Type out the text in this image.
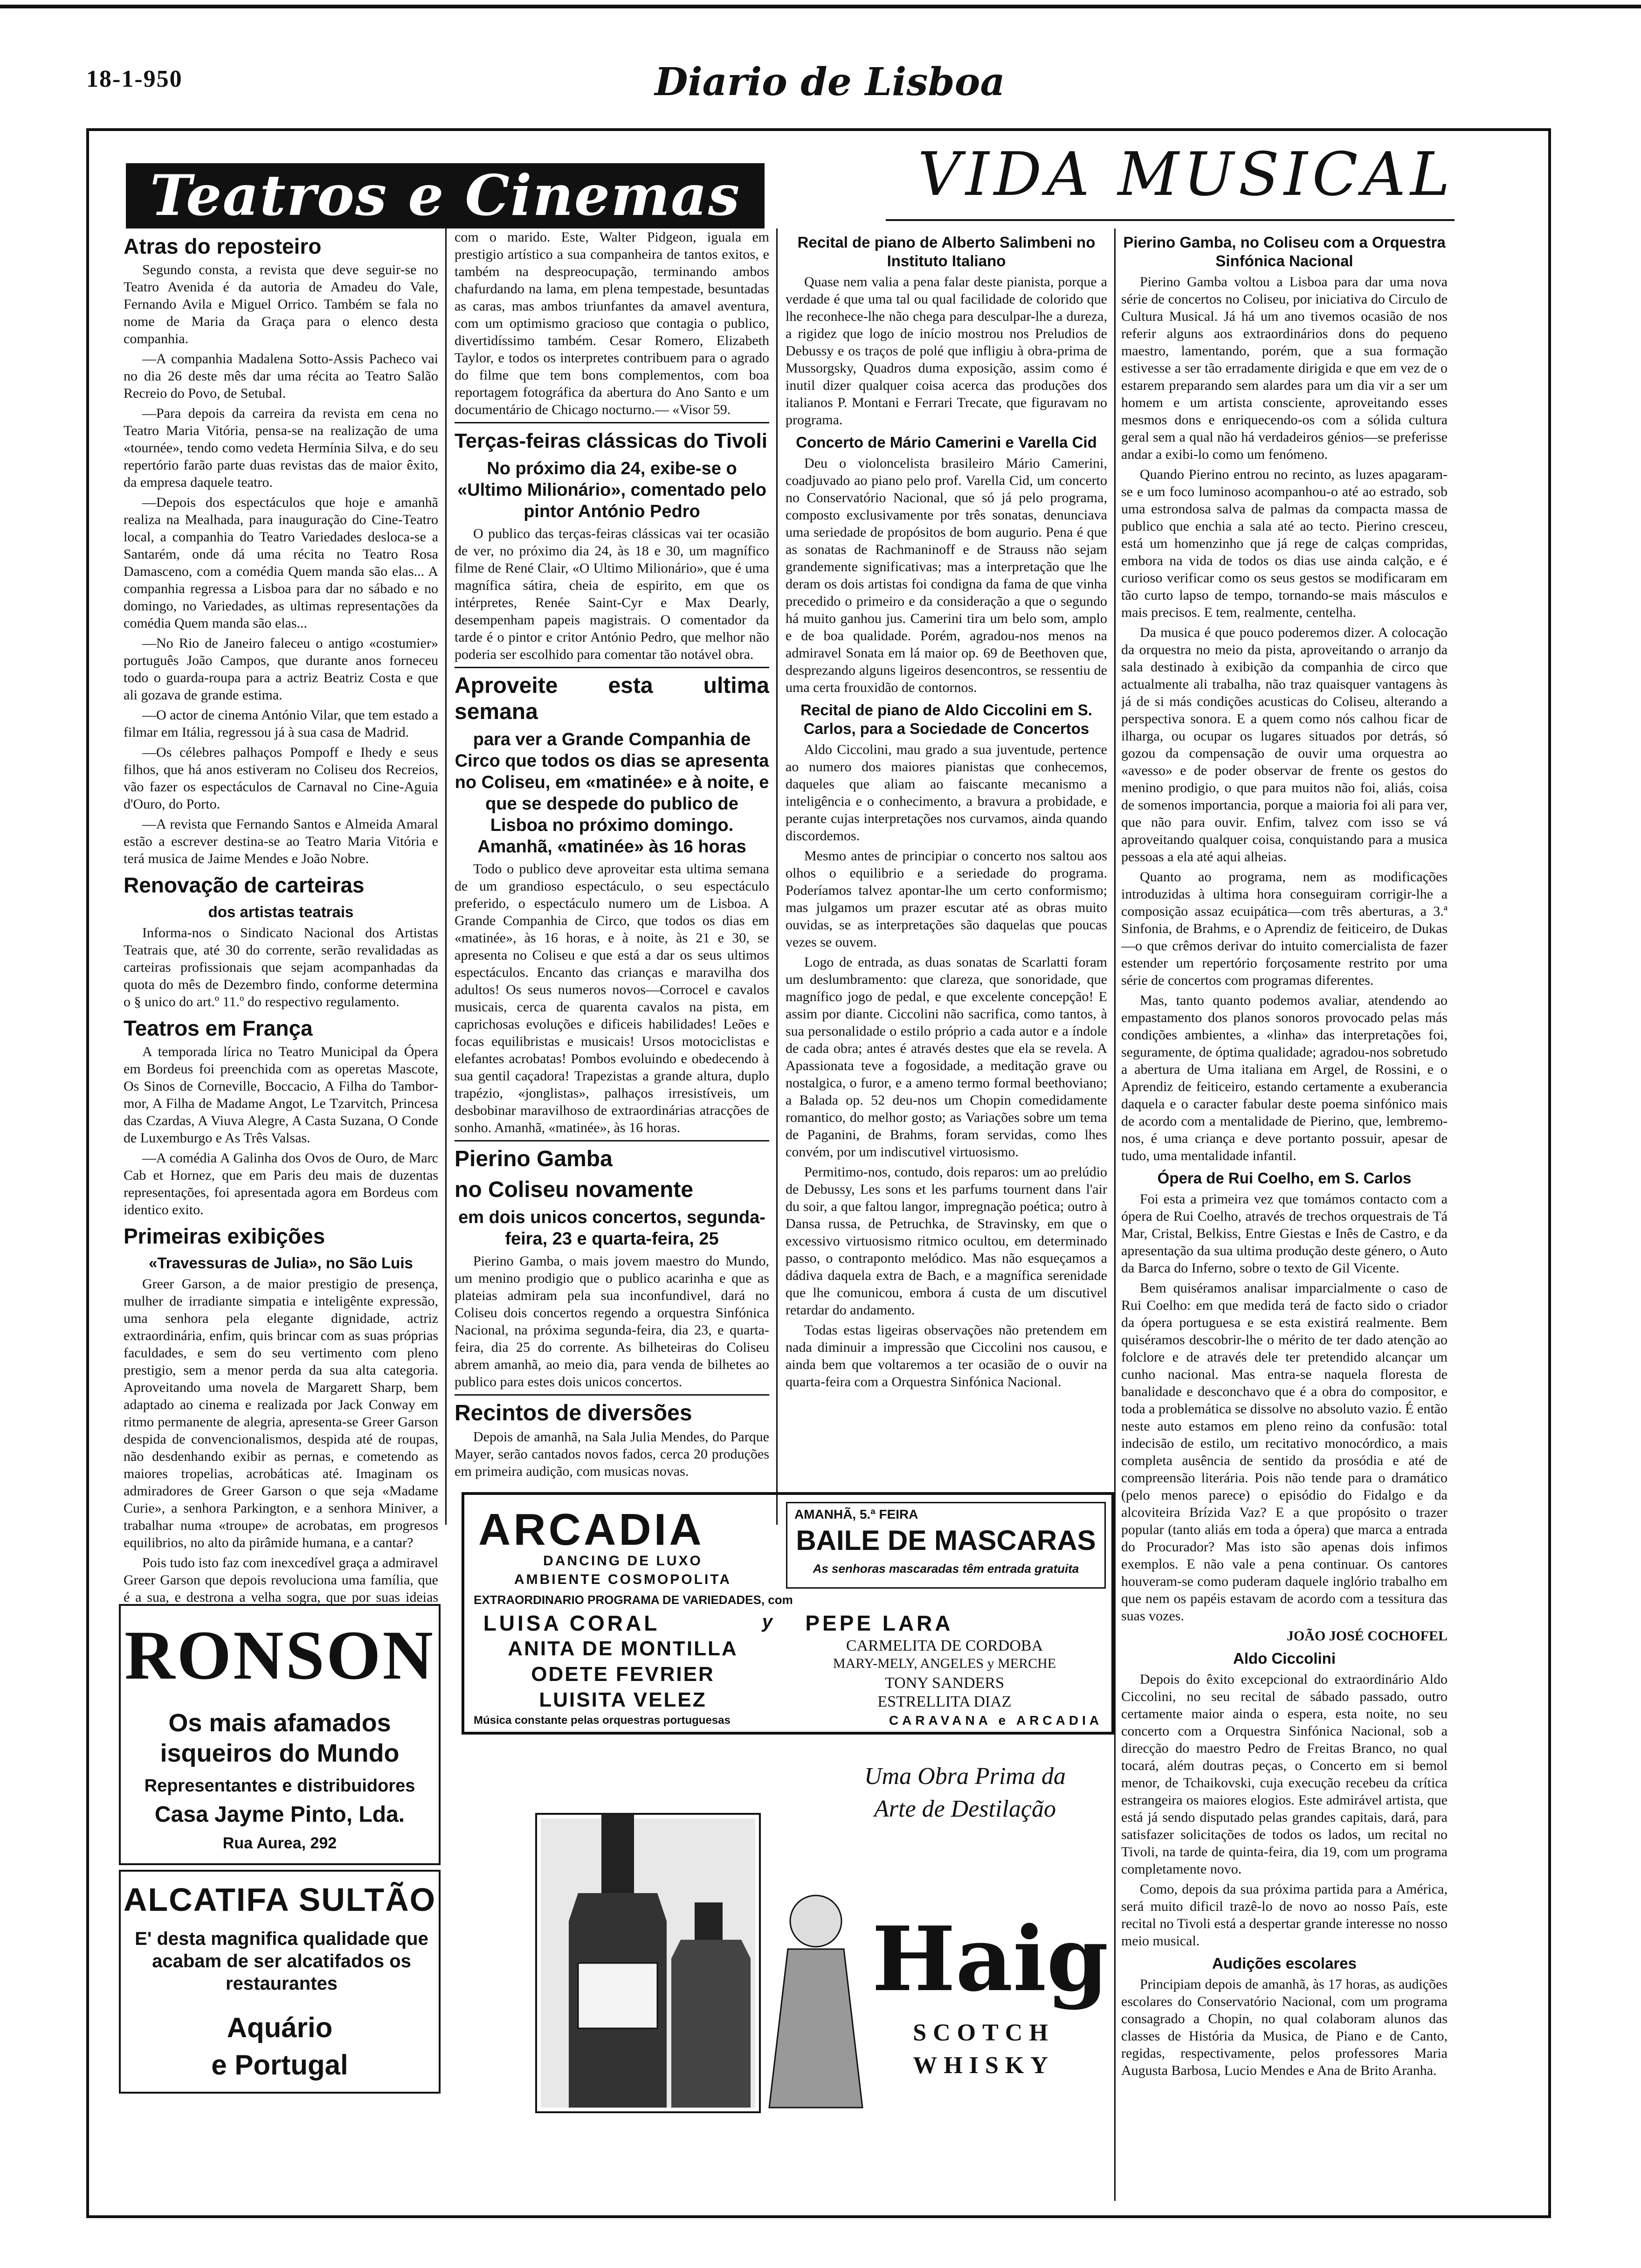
18-1-950	Diario de Lisboa
Teatros e Cinemas	VIDA MUSICAL
Atras do reposteiro

Segundo consta, a revista que deve seguir-se no Teatro Avenida é da autoria de Amadeu do Vale, Fernando Avila e Miguel Orrico. Também se fala no nome de Maria da Graça para o elenco desta companhia.

—A companhia Madalena Sotto-Assis Pacheco vai no dia 26 deste mês dar uma récita ao Teatro Salão Recreio do Povo, de Setubal.

—Para depois da carreira da revista em cena no Teatro Maria Vitória, pensa-se na realização de uma «tournée», tendo como vedeta Hermínia Silva, e do seu repertório farão parte duas revistas das de maior êxito, da empresa daquele teatro.

—Depois dos espectáculos que hoje e amanhã realiza na Mealhada, para inauguração do Cine-Teatro local, a companhia do Teatro Variedades desloca-se a Santarém, onde dá uma récita no Teatro Rosa Damasceno, com a comédia Quem manda são elas... A companhia regressa a Lisboa para dar no sábado e no domingo, no Variedades, as ultimas representações da comédia Quem manda são elas...

—No Rio de Janeiro faleceu o antigo «costumier» português João Campos, que durante anos forneceu todo o guarda-roupa para a actriz Beatriz Costa e que ali gozava de grande estima.

—O actor de cinema António Vilar, que tem estado a filmar em Itália, regressou já à sua casa de Madrid.

—Os célebres palhaços Pompoff e Ihedy e seus filhos, que há anos estiveram no Coliseu dos Recreios, vão fazer os espectáculos de Carnaval no Cine-Aguia d'Ouro, do Porto.

—A revista que Fernando Santos e Almeida Amaral estão a escrever destina-se ao Teatro Maria Vitória e terá musica de Jaime Mendes e João Nobre.

Renovação de carteiras
dos artistas teatrais

Informa-nos o Sindicato Nacional dos Artistas Teatrais que, até 30 do corrente, serão revalidadas as carteiras profissionais que sejam acompanhadas da quota do mês de Dezembro findo, conforme determina o § unico do art.º 11.º do respectivo regulamento.

Teatros em França

A temporada lírica no Teatro Municipal da Ópera em Bordeus foi preenchida com as operetas Mascote, Os Sinos de Corneville, Boccacio, A Filha do Tambor-mor, A Filha de Madame Angot, Le Tzarvitch, Princesa das Czardas, A Viuva Alegre, A Casta Suzana, O Conde de Luxemburgo e As Três Valsas.

—A comédia A Galinha dos Ovos de Ouro, de Marc Cab et Hornez, que em Paris deu mais de duzentas representações, foi apresentada agora em Bordeus com identico exito.

Primeiras exibições
«Travessuras de Julia», no São Luis

Greer Garson, a de maior prestigio de presença, mulher de irradiante simpatia e inteligênte expressão, uma senhora pela elegante dignidade, actriz extraordinária, enfim, quis brincar com as suas próprias faculdades, e sem do seu vertimento com pleno prestigio, sem a menor perda da sua alta categoria. Aproveitando uma novela de Margarett Sharp, bem adaptado ao cinema e realizada por Jack Conway em ritmo permanente de alegria, apresenta-se Greer Garson despida de convencionalismos, despida até de roupas, não desdenhando exibir as pernas, e cometendo as maiores tropelias, acrobáticas até. Imaginam os admiradores de Greer Garson o que seja «Madame Curie», a senhora Parkington, e a senhora Miniver, a trabalhar numa «troupe» de acrobatas, em progresos equilibrios, no alto da pirâmide humana, e a cantar?

Pois tudo isto faz com inexcedível graça a admiravel Greer Garson que depois revoluciona uma família, que é a sua, e destrona a velha sogra, que por suas ideias

com o marido. Este, Walter Pidgeon, iguala em prestigio artístico a sua companheira de tantos exitos, e também na despreocupação, terminando ambos chafurdando na lama, em plena tempestade, besuntadas as caras, mas ambos triunfantes da amavel aventura, com um optimismo gracioso que contagia o publico, divertidíssimo também. Cesar Romero, Elizabeth Taylor, e todos os interpretes contribuem para o agrado do filme que tem bons complementos, com boa reportagem fotográfica da abertura do Ano Santo e um documentário de Chicago nocturno.— «Visor 59.

Terças-feiras clássicas do Tivoli
No próximo dia 24, exibe-se o «Ultimo Milionário», comentado pelo pintor António Pedro

O publico das terças-feiras clássicas vai ter ocasião de ver, no próximo dia 24, às 18 e 30, um magnífico filme de René Clair, «O Ultimo Milionário», que é uma magnífica sátira, cheia de espirito, em que os intérpretes, Renée Saint-Cyr e Max Dearly, desempenham papeis magistrais. O comentador da tarde é o pintor e critor António Pedro, que melhor não poderia ser escolhido para comentar tão notável obra.

Aproveite esta ultima semana
para ver a Grande Companhia de Circo que todos os dias se apresenta no Coliseu, em «matinée» e à noite, e que se despede do publico de Lisboa no próximo domingo. Amanhã, «matinée» às 16 horas

Todo o publico deve aproveitar esta ultima semana de um grandioso espectáculo, o seu espectáculo preferido, o espectáculo numero um de Lisboa. A Grande Companhia de Circo, que todos os dias em «matinée», às 16 horas, e à noite, às 21 e 30, se apresenta no Coliseu e que está a dar os seus ultimos espectáculos. Encanto das crianças e maravilha dos adultos! Os seus numeros novos—Corrocel e cavalos musicais, cerca de quarenta cavalos na pista, em caprichosas evoluções e dificeis habilidades! Leões e focas equilibristas e musicais! Ursos motociclistas e elefantes acrobatas! Pombos evoluindo e obedecendo à sua gentil caçadora! Trapezistas a grande altura, duplo trapézio, «jonglistas», palhaços irresistíveis, um desbobinar maravilhoso de extraordinárias atracções de sonho. Amanhã, «matinée», às 16 horas.

Pierino Gamba
no Coliseu novamente
em dois unicos concertos, segunda-feira, 23 e quarta-feira, 25

Pierino Gamba, o mais jovem maestro do Mundo, um menino prodigio que o publico acarinha e que as plateias admiram pela sua inconfundivel, dará no Coliseu dois concertos regendo a orquestra Sinfónica Nacional, na próxima segunda-feira, dia 23, e quarta-feira, dia 25 do corrente. As bilheteiras do Coliseu abrem amanhã, ao meio dia, para venda de bilhetes ao publico para estes dois unicos concertos.

Recintos de diversões

Depois de amanhã, na Sala Julia Mendes, do Parque Mayer, serão cantados novos fados, cerca 20 produções em primeira audição, com musicas novas.

Recital de piano de Alberto Salimbeni no Instituto Italiano

Quase nem valia a pena falar deste pianista, porque a verdade é que uma tal ou qual facilidade de colorido que lhe reconhece-lhe não chega para desculpar-lhe a dureza, a rigidez que logo de início mostrou nos Preludios de Debussy e os traços de polé que infligiu à obra-prima de Mussorgsky, Quadros duma exposição, assim como é inutil dizer qualquer coisa acerca das produções dos italianos P. Montani e Ferrari Trecate, que figuravam no programa.

Concerto de Mário Camerini e Varella Cid

Deu o violoncelista brasileiro Mário Camerini, coadjuvado ao piano pelo prof. Varella Cid, um concerto no Conservatório Nacional, que só já pelo programa, composto exclusivamente por três sonatas, denunciava uma seriedade de propósitos de bom augurio. Pena é que as sonatas de Rachmaninoff e de Strauss não sejam grandemente significativas; mas a interpretação que lhe deram os dois artistas foi condigna da fama de que vinha precedido o primeiro e da consideração a que o segundo há muito ganhou jus. Camerini tira um belo som, amplo e de boa qualidade. Porém, agradou-nos menos na admiravel Sonata em lá maior op. 69 de Beethoven que, desprezando alguns ligeiros desencontros, se ressentiu de uma certa frouxidão de contornos.

Recital de piano de Aldo Ciccolini em S. Carlos, para a Sociedade de Concertos

Aldo Ciccolini, mau grado a sua juventude, pertence ao numero dos maiores pianistas que conhecemos, daqueles que aliam ao faiscante mecanismo a inteligência e o conhecimento, a bravura a probidade, e perante cujas interpretações nos curvamos, ainda quando discordemos.

Mesmo antes de principiar o concerto nos saltou aos olhos o equilibrio e a seriedade do programa. Poderíamos talvez apontar-lhe um certo conformismo; mas julgamos um prazer escutar até as obras muito ouvidas, se as interpretações são daquelas que poucas vezes se ouvem.

Logo de entrada, as duas sonatas de Scarlatti foram um deslumbramento: que clareza, que sonoridade, que magnífico jogo de pedal, e que excelente concepção! E assim por diante. Ciccolini não sacrifica, como tantos, à sua personalidade o estilo próprio a cada autor e a índole de cada obra; antes é através destes que ela se revela. A Apassionata teve a fogosidade, a meditação grave ou nostalgica, o furor, e a ameno termo formal beethoviano; a Balada op. 52 deu-nos um Chopin comedidamente romantico, do melhor gosto; as Variações sobre um tema de Paganini, de Brahms, foram servidas, como lhes convém, por um indiscutivel virtuosismo.

Permitimo-nos, contudo, dois reparos: um ao prelúdio de Debussy, Les sons et les parfums tournent dans l'air du soir, a que faltou langor, impregnação poética; outro à Dansa russa, de Petruchka, de Stravinsky, em que o excessivo virtuosismo ritmico ocultou, em determinado passo, o contraponto melódico. Mas não esqueçamos a dádiva daquela extra de Bach, e a magnífica serenidade que lhe comunicou, embora á custa de um discutivel retardar do andamento.

Todas estas ligeiras observações não pretendem em nada diminuir a impressão que Ciccolini nos causou, e ainda bem que voltaremos a ter ocasião de o ouvir na quarta-feira com a Orquestra Sinfónica Nacional.

Pierino Gamba, no Coliseu com a Orquestra Sinfónica Nacional

Pierino Gamba voltou a Lisboa para dar uma nova série de concertos no Coliseu, por iniciativa do Circulo de Cultura Musical. Já há um ano tivemos ocasião de nos referir alguns aos extraordinários dons do pequeno maestro, lamentando, porém, que a sua formação estivesse a ser tão erradamente dirigida e que em vez de o estarem preparando sem alardes para um dia vir a ser um homem e um artista consciente, aproveitando esses mesmos dons e enriquecendo-os com a sólida cultura geral sem a qual não há verdadeiros génios—se preferisse andar a exibi-lo como um fenómeno.

Quando Pierino entrou no recinto, as luzes apagaram-se e um foco luminoso acompanhou-o até ao estrado, sob uma estrondosa salva de palmas da compacta massa de publico que enchia a sala até ao tecto. Pierino cresceu, está um homenzinho que já rege de calças compridas, embora na vida de todos os dias use ainda calção, e é curioso verificar como os seus gestos se modificaram em tão curto lapso de tempo, tornando-se mais másculos e mais precisos. E tem, realmente, centelha.

Da musica é que pouco poderemos dizer. A colocação da orquestra no meio da pista, aproveitando o arranjo da sala destinado à exibição da companhia de circo que actualmente ali trabalha, não traz quaisquer vantagens às já de si más condições acusticas do Coliseu, alterando a perspectiva sonora. E a quem como nós calhou ficar de ilharga, ou ocupar os lugares situados por detrás, só gozou da compensação de ouvir uma orquestra ao «avesso» e de poder observar de frente os gestos do menino prodigio, o que para muitos não foi, aliás, coisa de somenos importancia, porque a maioria foi ali para ver, que não para ouvir. Enfim, talvez com isso se vá aproveitando qualquer coisa, conquistando para a musica pessoas a ela até aqui alheias.

Quanto ao programa, nem as modificações introduzidas à ultima hora conseguiram corrigir-lhe a composição assaz ecuipática—com três aberturas, a 3.ª Sinfonia, de Brahms, e o Aprendiz de feiticeiro, de Dukas—o que crêmos derivar do intuito comercialista de fazer estender um repertório forçosamente restrito por uma série de concertos com programas diferentes.

Mas, tanto quanto podemos avaliar, atendendo ao empastamento dos planos sonoros provocado pelas más condições ambientes, a «linha» das interpretações foi, seguramente, de óptima qualidade; agradou-nos sobretudo a abertura de Uma italiana em Argel, de Rossini, e o Aprendiz de feiticeiro, estando certamente a exuberancia daquela e o caracter fabular deste poema sinfónico mais de acordo com a mentalidade de Pierino, que, lembremo-nos, é uma criança e deve portanto possuir, apesar de tudo, uma mentalidade infantil.

Ópera de Rui Coelho, em S. Carlos

Foi esta a primeira vez que tomámos contacto com a ópera de Rui Coelho, através de trechos orquestrais de Tá Mar, Cristal, Belkiss, Entre Giestas e Inês de Castro, e da apresentação da sua ultima produção deste género, o Auto da Barca do Inferno, sobre o texto de Gil Vicente.

Bem quiséramos analisar imparcialmente o caso de Rui Coelho: em que medida terá de facto sido o criador da ópera portuguesa e se esta existirá realmente. Bem quiséramos descobrir-lhe o mérito de ter dado atenção ao folclore e de através dele ter pretendido alcançar um cunho nacional. Mas entra-se naquela floresta de banalidade e desconchavo que é a obra do compositor, e toda a problemática se dissolve no absoluto vazio. É então neste auto estamos em pleno reino da confusão: total indecisão de estilo, um recitativo monocórdico, a mais completa ausência de sentido da prosódia e até de compreensão literária. Pois não tende para o dramático (pelo menos parece) o episódio do Fidalgo e da alcoviteira Brízida Vaz? E a que propósito o trazer popular (tanto aliás em toda a ópera) que marca a entrada do Procurador? Mas isto são apenas dois infimos exemplos. E não vale a pena continuar. Os cantores houveram-se como puderam daquele inglório trabalho em que nem os papéis estavam de acordo com a tessitura das suas vozes.

JOÃO JOSÉ COCHOFEL

Aldo Ciccolini

Depois do êxito excepcional do extraordinário Aldo Ciccolini, no seu recital de sábado passado, outro certamente maior ainda o espera, esta noite, no seu concerto com a Orquestra Sinfónica Nacional, sob a direcção do maestro Pedro de Freitas Branco, no qual tocará, além doutras peças, o Concerto em si bemol menor, de Tchaikovski, cuja execução recebeu da crítica estrangeira os maiores elogios. Este admirável artista, que está já sendo disputado pelas grandes capitais, dará, para satisfazer solicitações de todos os lados, um recital no Tivoli, na tarde de quinta-feira, dia 19, com um programa completamente novo.

Como, depois da sua próxima partida para a América, será muito dificil trazê-lo de novo ao nosso País, este recital no Tivoli está a despertar grande interesse no nosso meio musical.

Audições escolares

Principiam depois de amanhã, às 17 horas, as audições escolares do Conservatório Nacional, com um programa consagrado a Chopin, no qual colaboram alunos das classes de História da Musica, de Piano e de Canto, regidas, respectivamente, pelos professores Maria Augusta Barbosa, Lucio Mendes e Ana de Brito Aranha.

RONSON
Os mais afamados
isqueiros do Mundo
Representantes e distribuidores
Casa Jayme Pinto, Lda.
Rua Aurea, 292
ALCATIFA SULTÃO
E' desta magnifica qualidade que acabam de ser alcatifados os restaurantes
Aquário
e Portugal
ARCADIA
DANCING DE LUXO
AMBIENTE COSMOPOLITA
AMANHÃ, 5.ª FEIRA
BAILE DE MASCARAS
As senhoras mascaradas têm entrada gratuita
EXTRAORDINARIO PROGRAMA DE VARIEDADES, com
LUISA CORAL	y	PEPE LARA
ANITA DE MONTILLA
ODETE FEVRIER
LUISITA VELEZ
CARMELITA DE CORDOBA
MARY-MELY, ANGELES y MERCHE
TONY SANDERS
ESTRELLITA DIAZ
Música constante pelas orquestras portuguesas	CARAVANA e ARCADIA
Uma Obra Prima da
Arte de Destilação
Haig
SCOTCH
WHISKY
